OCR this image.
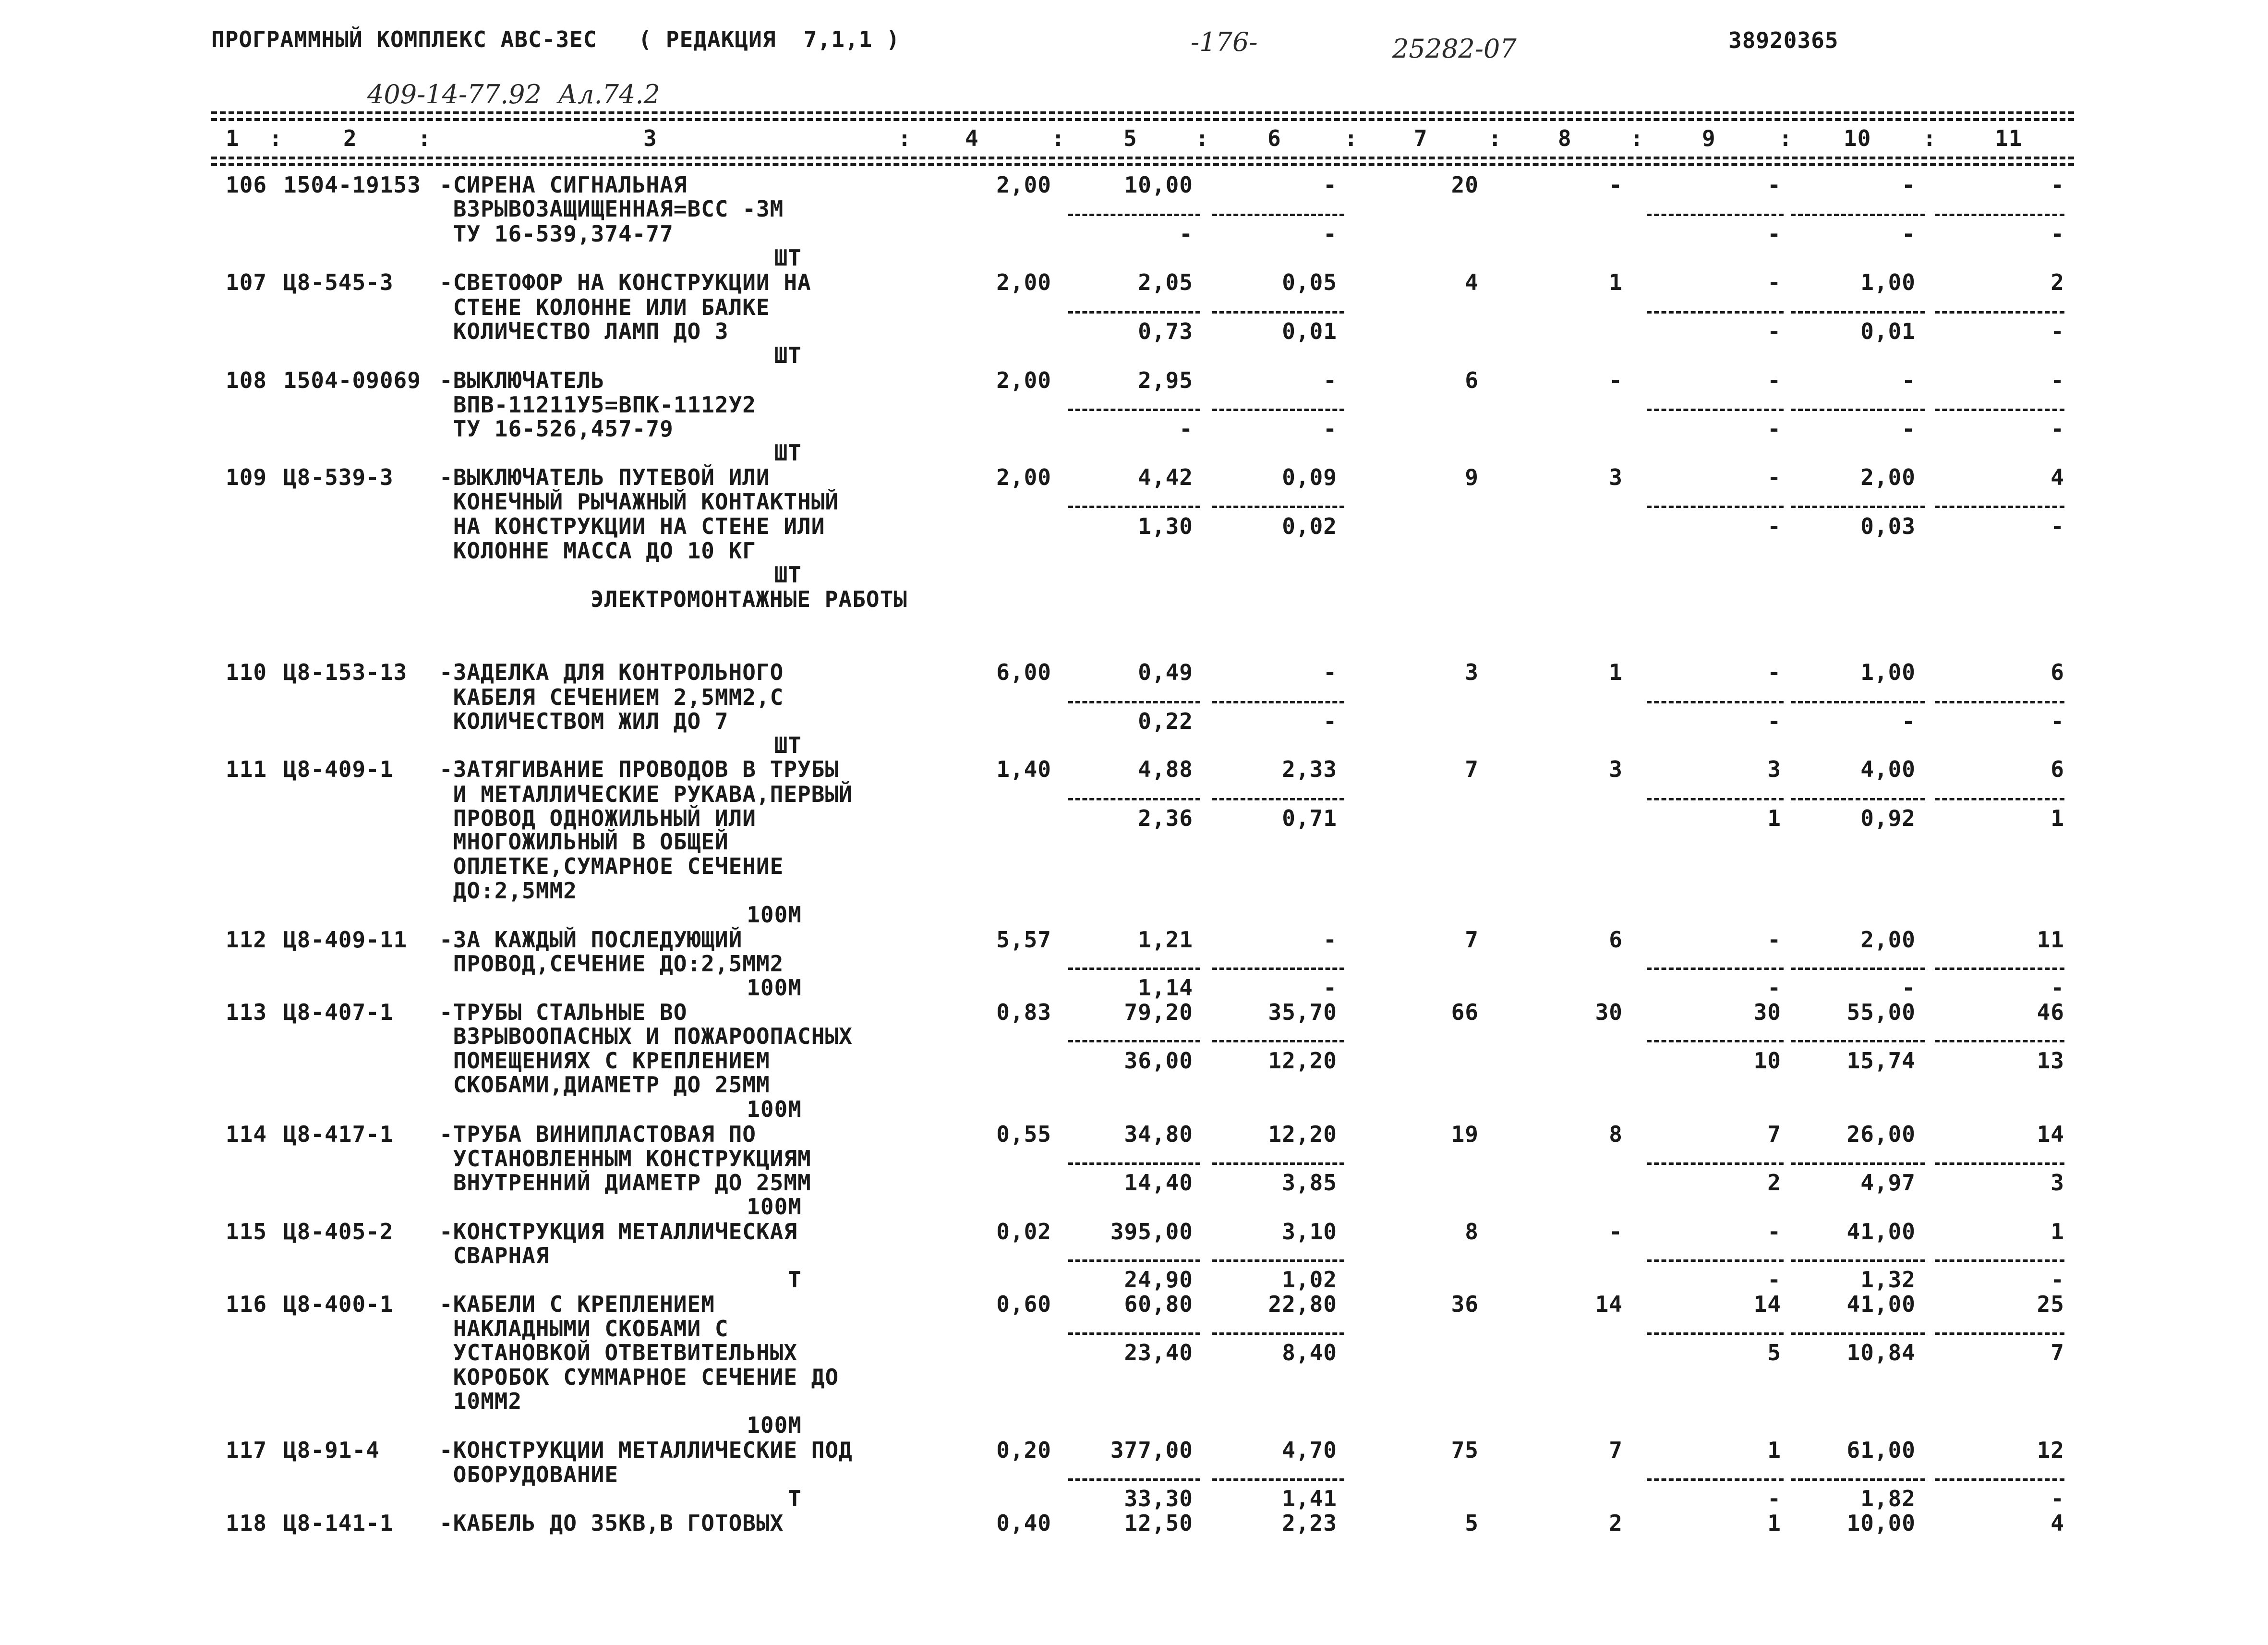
ПРОГРАММНЫЙ КОМПЛЕКС АВС-3ЕС   ( РЕДАКЦИЯ  7,1,1 )	-176-	25282-07	38920365
409-14-77.92  Ал.74.2
1 :	2	:	3	: 4	:	5	:	6	:	7	:	8	:	9	: 10 :	11
106 1504-19153 -СИРЕНА СИГНАЛЬНАЯ	2,00	10,00	-	20	-	-	-	-
ВЗРЫВОЗАЩИЩЕННАЯ=ВСС -3М
ТУ 16-539,374-77	-	-	-	-	-
ШТ
107 Ц8-545-3	-СВЕТОФОР НА КОНСТРУКЦИИ НА	2,00	2,05	0,05	4	1	-	1,00	2
СТЕНЕ КОЛОННЕ ИЛИ БАЛКЕ
КОЛИЧЕСТВО ЛАМП ДО 3	0,73	0,01	-	0,01	-
ШТ
108 1504-09069 -ВЫКЛЮЧАТЕЛЬ	2,00	2,95	-	6	-	-	-	-
ВПВ-11211У5=ВПК-1112У2
ТУ 16-526,457-79	-	-	-	-	-
ШТ
109 Ц8-539-3	-ВЫКЛЮЧАТЕЛЬ ПУТЕВОЙ ИЛИ	2,00	4,42	0,09	9	3	-	2,00	4
КОНЕЧНЫЙ РЫЧАЖНЫЙ КОНТАКТНЫЙ
НА КОНСТРУКЦИИ НА СТЕНЕ ИЛИ	1,30	0,02	-	0,03	-
КОЛОННЕ МАССА ДО 10 КГ
ШТ
ЭЛЕКТРОМОНТАЖНЫЕ РАБОТЫ
110 Ц8-153-13	-ЗАДЕЛКА ДЛЯ КОНТРОЛЬНОГО	6,00	0,49	-	3	1	-	1,00	6
КАБЕЛЯ СЕЧЕНИЕМ 2,5ММ2,С
КОЛИЧЕСТВОМ ЖИЛ ДО 7	0,22	-	-	-	-
ШТ
111 Ц8-409-1	-ЗАТЯГИВАНИЕ ПРОВОДОВ В ТРУБЫ	1,40	4,88	2,33	7	3	3	4,00	6
И МЕТАЛЛИЧЕСКИЕ РУКАВА,ПЕРВЫЙ
ПРОВОД ОДНОЖИЛЬНЫЙ ИЛИ	2,36	0,71	1	0,92	1
МНОГОЖИЛЬНЫЙ В ОБЩЕЙ
ОПЛЕТКЕ,СУМАРНОЕ СЕЧЕНИЕ
ДО:2,5ММ2
100М
112 Ц8-409-11	-ЗА КАЖДЫЙ ПОСЛЕДУЮЩИЙ	5,57	1,21	-	7	6	-	2,00	11
ПРОВОД,СЕЧЕНИЕ ДО:2,5ММ2
1,14	-	-	-	-
100М
113 Ц8-407-1	-ТРУБЫ СТАЛЬНЫЕ ВО	0,83	79,20	35,70	66	30	30	55,00	46
ВЗРЫВООПАСНЫХ И ПОЖАРООПАСНЫХ
ПОМЕЩЕНИЯХ С КРЕПЛЕНИЕМ	36,00	12,20	10	15,74	13
СКОБАМИ,ДИАМЕТР ДО 25ММ
100М
114 Ц8-417-1	-ТРУБА ВИНИПЛАСТОВАЯ ПО	0,55	34,80	12,20	19	8	7	26,00	14
УСТАНОВЛЕННЫМ КОНСТРУКЦИЯМ
ВНУТРЕННИЙ ДИАМЕТР ДО 25ММ	14,40	3,85	2	4,97	3
100М
115 Ц8-405-2	-КОНСТРУКЦИЯ МЕТАЛЛИЧЕСКАЯ	0,02	395,00	3,10	8	-	-	41,00	1
СВАРНАЯ
24,90	1,02	-	1,32	-
Т
116 Ц8-400-1	-КАБЕЛИ С КРЕПЛЕНИЕМ	0,60	60,80	22,80	36	14	14	41,00	25
НАКЛАДНЫМИ СКОБАМИ С
УСТАНОВКОЙ ОТВЕТВИТЕЛЬНЫХ	23,40	8,40	5	10,84	7
КОРОБОК СУММАРНОЕ СЕЧЕНИЕ ДО
10ММ2
100М
117 Ц8-91-4	-КОНСТРУКЦИИ МЕТАЛЛИЧЕСКИЕ ПОД	0,20	377,00	4,70	75	7	1	61,00	12
ОБОРУДОВАНИЕ
33,30	1,41	-	1,82	-
Т
118 Ц8-141-1	-КАБЕЛЬ ДО 35КВ,В ГОТОВЫХ	0,40	12,50	2,23	5	2	1	10,00	4
